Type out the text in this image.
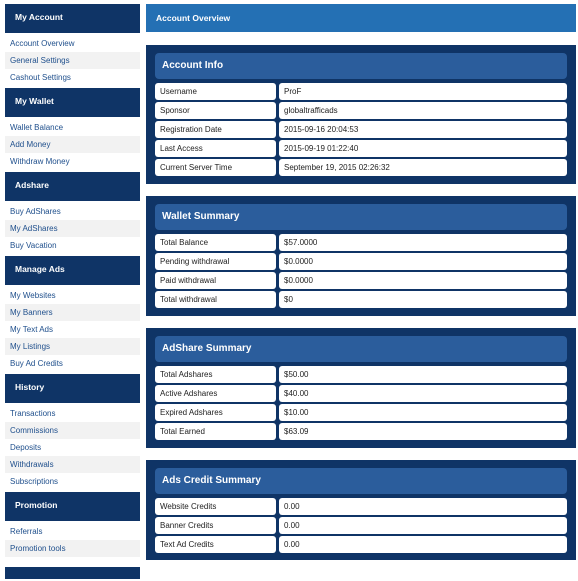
My Account
Account Overview
General Settings
Cashout Settings
My Wallet
Wallet Balance
Add Money
Withdraw Money
Adshare
Buy AdShares
My AdShares
Buy Vacation
Manage Ads
My Websites
My Banners
My Text Ads
My Listings
Buy Ad Credits
History
Transactions
Commissions
Deposits
Withdrawals
Subscriptions
Promotion
Referrals
Promotion tools
Account Overview
Account Info
Username	ProF
Sponsor	globaltrafficads
Registration Date	2015-09-16 20:04:53
Last Access	2015-09-19 01:22:40
Current Server Time	September 19, 2015 02:26:32
Wallet Summary
Total Balance	$57.0000
Pending withdrawal	$0.0000
Paid withdrawal	$0.0000
Total withdrawal	$0
AdShare Summary
Total Adshares	$50.00
Active Adshares	$40.00
Expired Adshares	$10.00
Total Earned	$63.09
Ads Credit Summary
Website Credits	0.00
Banner Credits	0.00
Text Ad Credits	0.00
